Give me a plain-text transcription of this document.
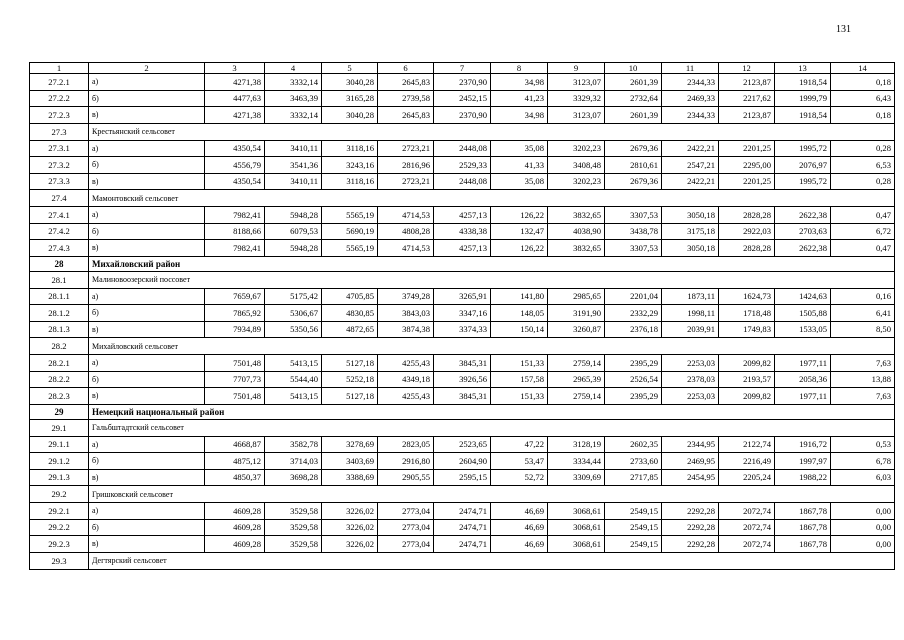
131
1	2	3	4	5	6	7	8	9	10	11	12	13	14
27.2.1	а)	4271,38	3332,14	3040,28	2645,83	2370,90	34,98	3123,07	2601,39	2344,33	2123,87	1918,54	0,18
27.2.2	б)	4477,63	3463,39	3165,28	2739,58	2452,15	41,23	3329,32	2732,64	2469,33	2217,62	1999,79	6,43
27.2.3	в)	4271,38	3332,14	3040,28	2645,83	2370,90	34,98	3123,07	2601,39	2344,33	2123,87	1918,54	0,18
27.3	Крестьянский сельсовет												
27.3.1	а)	4350,54	3410,11	3118,16	2723,21	2448,08	35,08	3202,23	2679,36	2422,21	2201,25	1995,72	0,28
27.3.2	б)	4556,79	3541,36	3243,16	2816,96	2529,33	41,33	3408,48	2810,61	2547,21	2295,00	2076,97	6,53
27.3.3	в)	4350,54	3410,11	3118,16	2723,21	2448,08	35,08	3202,23	2679,36	2422,21	2201,25	1995,72	0,28
27.4	Мамонтовский сельсовет												
27.4.1	а)	7982,41	5948,28	5565,19	4714,53	4257,13	126,22	3832,65	3307,53	3050,18	2828,28	2622,38	0,47
27.4.2	б)	8188,66	6079,53	5690,19	4808,28	4338,38	132,47	4038,90	3438,78	3175,18	2922,03	2703,63	6,72
27.4.3	в)	7982,41	5948,28	5565,19	4714,53	4257,13	126,22	3832,65	3307,53	3050,18	2828,28	2622,38	0,47
28	Михайловский район												
28.1	Малиновоозерский поссовет												
28.1.1	а)	7659,67	5175,42	4705,85	3749,28	3265,91	141,80	2985,65	2201,04	1873,11	1624,73	1424,63	0,16
28.1.2	б)	7865,92	5306,67	4830,85	3843,03	3347,16	148,05	3191,90	2332,29	1998,11	1718,48	1505,88	6,41
28.1.3	в)	7934,89	5350,56	4872,65	3874,38	3374,33	150,14	3260,87	2376,18	2039,91	1749,83	1533,05	8,50
28.2	Михайловский сельсовет												
28.2.1	а)	7501,48	5413,15	5127,18	4255,43	3845,31	151,33	2759,14	2395,29	2253,03	2099,82	1977,11	7,63
28.2.2	б)	7707,73	5544,40	5252,18	4349,18	3926,56	157,58	2965,39	2526,54	2378,03	2193,57	2058,36	13,88
28.2.3	в)	7501,48	5413,15	5127,18	4255,43	3845,31	151,33	2759,14	2395,29	2253,03	2099,82	1977,11	7,63
29	Немецкий национальный район												
29.1	Гальбштадтский сельсовет												
29.1.1	а)	4668,87	3582,78	3278,69	2823,05	2523,65	47,22	3128,19	2602,35	2344,95	2122,74	1916,72	0,53
29.1.2	б)	4875,12	3714,03	3403,69	2916,80	2604,90	53,47	3334,44	2733,60	2469,95	2216,49	1997,97	6,78
29.1.3	в)	4850,37	3698,28	3388,69	2905,55	2595,15	52,72	3309,69	2717,85	2454,95	2205,24	1988,22	6,03
29.2	Гришковский сельсовет												
29.2.1	а)	4609,28	3529,58	3226,02	2773,04	2474,71	46,69	3068,61	2549,15	2292,28	2072,74	1867,78	0,00
29.2.2	б)	4609,28	3529,58	3226,02	2773,04	2474,71	46,69	3068,61	2549,15	2292,28	2072,74	1867,78	0,00
29.2.3	в)	4609,28	3529,58	3226,02	2773,04	2474,71	46,69	3068,61	2549,15	2292,28	2072,74	1867,78	0,00
29.3	Дегтярский сельсовет												
